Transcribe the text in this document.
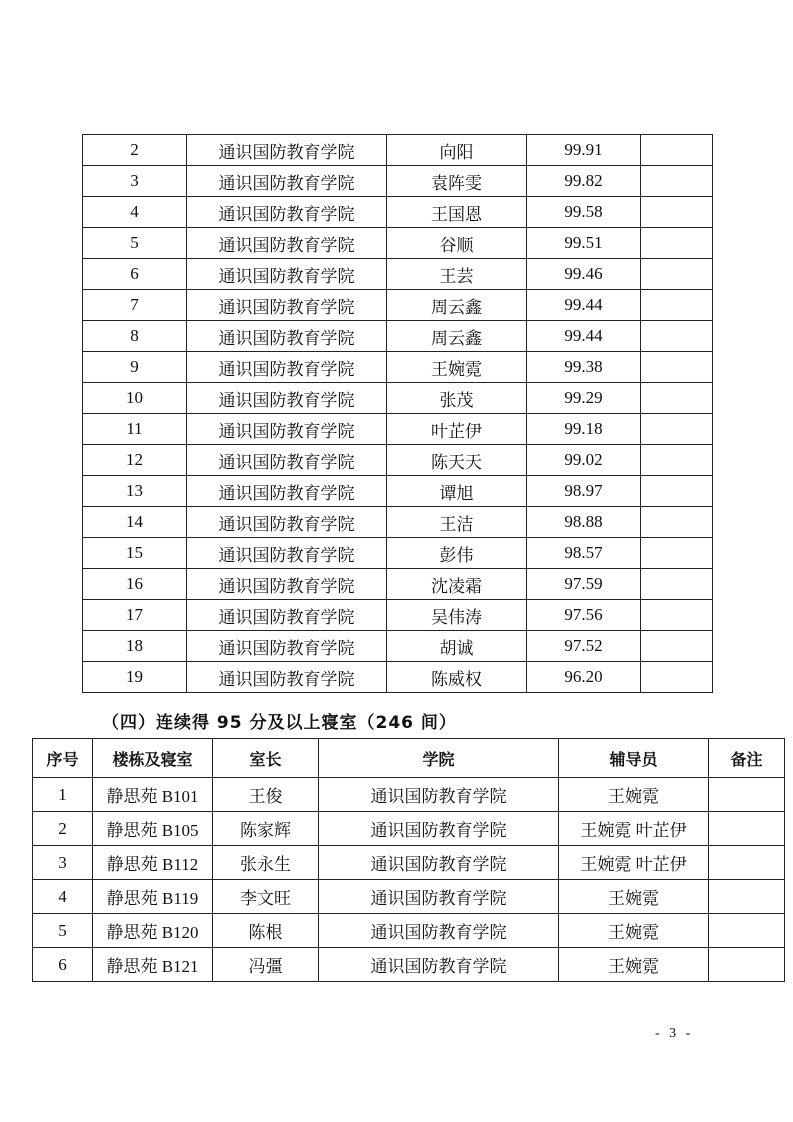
2	通识国防教育学院	向阳	99.91	
3	通识国防教育学院	袁阵雯	99.82	
4	通识国防教育学院	王国恩	99.58	
5	通识国防教育学院	谷顺	99.51	
6	通识国防教育学院	王芸	99.46	
7	通识国防教育学院	周云鑫	99.44	
8	通识国防教育学院	周云鑫	99.44	
9	通识国防教育学院	王婉霓	99.38	
10	通识国防教育学院	张茂	99.29	
11	通识国防教育学院	叶芷伊	99.18	
12	通识国防教育学院	陈天天	99.02	
13	通识国防教育学院	谭旭	98.97	
14	通识国防教育学院	王洁	98.88	
15	通识国防教育学院	彭伟	98.57	
16	通识国防教育学院	沈凌霜	97.59	
17	通识国防教育学院	吴伟涛	97.56	
18	通识国防教育学院	胡诚	97.52	
19	通识国防教育学院	陈威权	96.20	
（四）连续得 95 分及以上寝室（246 间）
序号	楼栋及寝室	室长	学院	辅导员	备注
1	静思苑 B101	王俊	通识国防教育学院	王婉霓	
2	静思苑 B105	陈家辉	通识国防教育学院	王婉霓 叶芷伊	
3	静思苑 B112	张永生	通识国防教育学院	王婉霓 叶芷伊	
4	静思苑 B119	李文旺	通识国防教育学院	王婉霓	
5	静思苑 B120	陈根	通识国防教育学院	王婉霓	
6	静思苑 B121	冯彊	通识国防教育学院	王婉霓	
- 3 -
